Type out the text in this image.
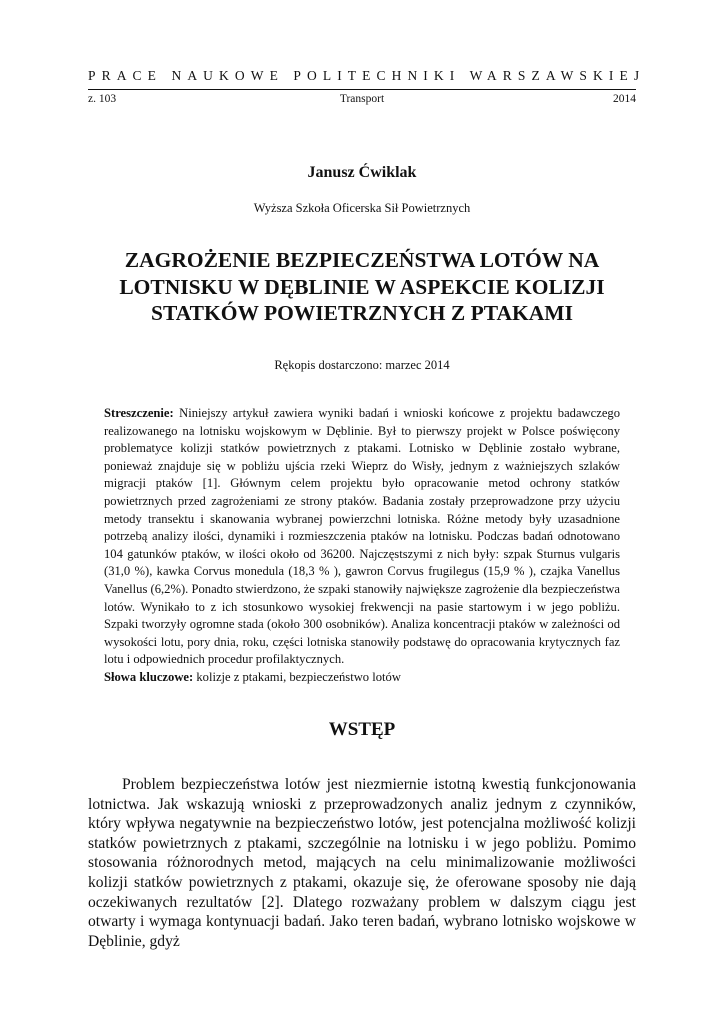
PRACE NAUKOWE POLITECHNIKI WARSZAWSKIEJ
z. 103	Transport	2014
Janusz Ćwiklak
Wyższa Szkoła Oficerska Sił Powietrznych
ZAGROŻENIE BEZPIECZEŃSTWA LOTÓW NA
LOTNISKU W DĘBLINIE W ASPEKCIE KOLIZJI
STATKÓW POWIETRZNYCH Z PTAKAMI
Rękopis dostarczono: marzec 2014

Streszczenie: Niniejszy artykuł zawiera wyniki badań i wnioski końcowe z projektu badawczego realizowanego na lotnisku wojskowym w Dęblinie. Był to pierwszy projekt w Polsce poświęcony problematyce kolizji statków powietrznych z ptakami. Lotnisko w Dęblinie zostało wybrane, ponieważ znajduje się w pobliżu ujścia rzeki Wieprz do Wisły, jednym z ważniejszych szlaków migracji ptaków [1]. Głównym celem projektu było opracowanie metod ochrony statków powietrznych przed zagrożeniami ze strony ptaków. Badania zostały przeprowadzone przy użyciu metody transektu i skanowania wybranej powierzchni lotniska. Różne metody były uzasadnione potrzebą analizy ilości, dynamiki i rozmieszczenia ptaków na lotnisku. Podczas badań odnotowano 104 gatunków ptaków, w ilości około od 36200. Najczęstszymi z nich były: szpak Sturnus vulgaris (31,0 %), kawka Corvus monedula (18,3 % ), gawron Corvus frugilegus (15,9 % ), czajka Vanellus Vanellus (6,2%). Ponadto stwierdzono, że szpaki stanowiły największe zagrożenie dla bezpieczeństwa lotów. Wynikało to z ich stosunkowo wysokiej frekwencji na pasie startowym i w jego pobliżu. Szpaki tworzyły ogromne stada (około 300 osobników). Analiza koncentracji ptaków w zależności od wysokości lotu, pory dnia, roku, części lotniska stanowiły podstawę do opracowania krytycznych faz lotu i odpowiednich procedur profilaktycznych.

Słowa kluczowe: kolizje z ptakami, bezpieczeństwo lotów

WSTĘP

Problem bezpieczeństwa lotów jest niezmiernie istotną kwestią funkcjonowania lotnictwa. Jak wskazują wnioski z przeprowadzonych analiz jednym z czynników, który wpływa negatywnie na bezpieczeństwo lotów, jest potencjalna możliwość kolizji statków powietrznych z ptakami, szczególnie na lotnisku i w jego pobliżu. Pomimo stosowania różnorodnych metod, mających na celu minimalizowanie możliwości kolizji statków powietrznych z ptakami, okazuje się, że oferowane sposoby nie dają oczekiwanych rezultatów [2]. Dlatego rozważany problem w dalszym ciągu jest otwarty i wymaga kontynuacji badań. Jako teren badań, wybrano lotnisko wojskowe w Dęblinie, gdyż
